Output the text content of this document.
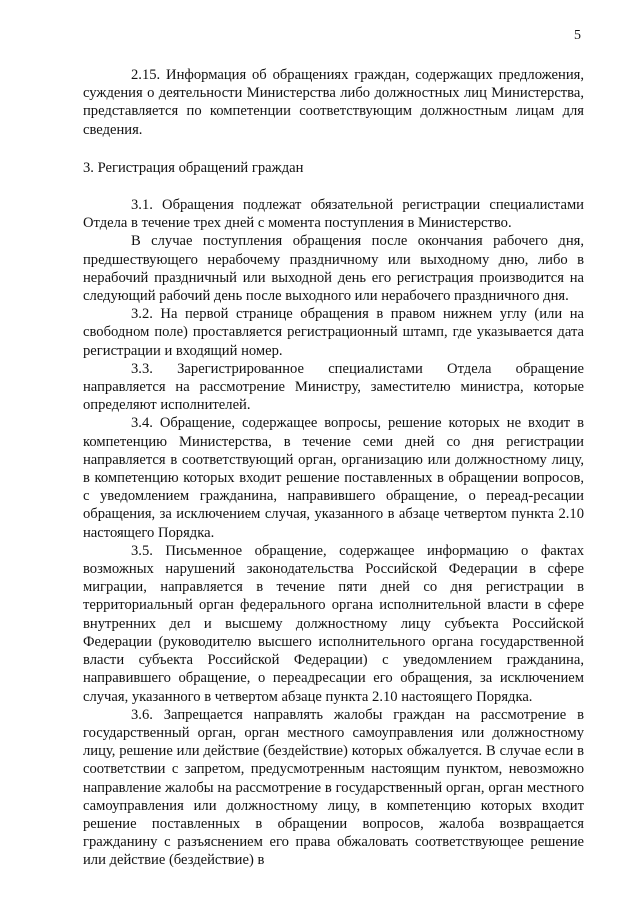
5

2.15. Информация об обращениях граждан, содержащих предложения, суждения о деятельности Министерства либо должностных лиц Министерства, представляется по компетенции соответствующим должностным лицам для сведения.

3. Регистрация обращений граждан

3.1. Обращения подлежат обязательной регистрации специалистами Отдела в течение трех дней с момента поступления в Министерство.

В случае поступления обращения после окончания рабочего дня, предшествующего нерабочему праздничному или выходному дню, либо в нерабочий праздничный или выходной день его регистрация производится на следующий рабочий день после выходного или нерабочего праздничного дня.

3.2. На первой странице обращения в правом нижнем углу (или на свободном поле) проставляется регистрационный штамп, где указывается дата регистрации и входящий номер.

3.3. Зарегистрированное специалистами Отдела обращение направляется на рассмотрение Министру, заместителю министра, которые определяют исполнителей.

3.4. Обращение, содержащее вопросы, решение которых не входит в компетенцию Министерства, в течение семи дней со дня регистрации направляется в соответствующий орган, организацию или должностному лицу, в компетенцию которых входит решение поставленных в обращении вопросов, с уведомлением гражданина, направившего обращение, о переад-ресации обращения, за исключением случая, указанного в абзаце четвертом пункта 2.10 настоящего Порядка.

3.5. Письменное обращение, содержащее информацию о фактах возможных нарушений законодательства Российской Федерации в сфере миграции, направляется в течение пяти дней со дня регистрации в территориальный орган федерального органа исполнительной власти в сфере внутренних дел и высшему должностному лицу субъекта Российской Федерации (руководителю высшего исполнительного органа государственной власти субъекта Российской Федерации) с уведомлением гражданина, направившего обращение, о переадресации его обращения, за исключением случая, указанного в четвертом абзаце пункта 2.10 настоящего Порядка.

3.6. Запрещается направлять жалобы граждан на рассмотрение в государственный орган, орган местного самоуправления или должностному лицу, решение или действие (бездействие) которых обжалуется. В случае если в соответствии с запретом, предусмотренным настоящим пунктом, невозможно направление жалобы на рассмотрение в государственный орган, орган местного самоуправления или должностному лицу, в компетенцию которых входит решение поставленных в обращении вопросов, жалоба возвращается гражданину с разъяснением его права обжаловать соответствующее решение или действие (бездействие) в
